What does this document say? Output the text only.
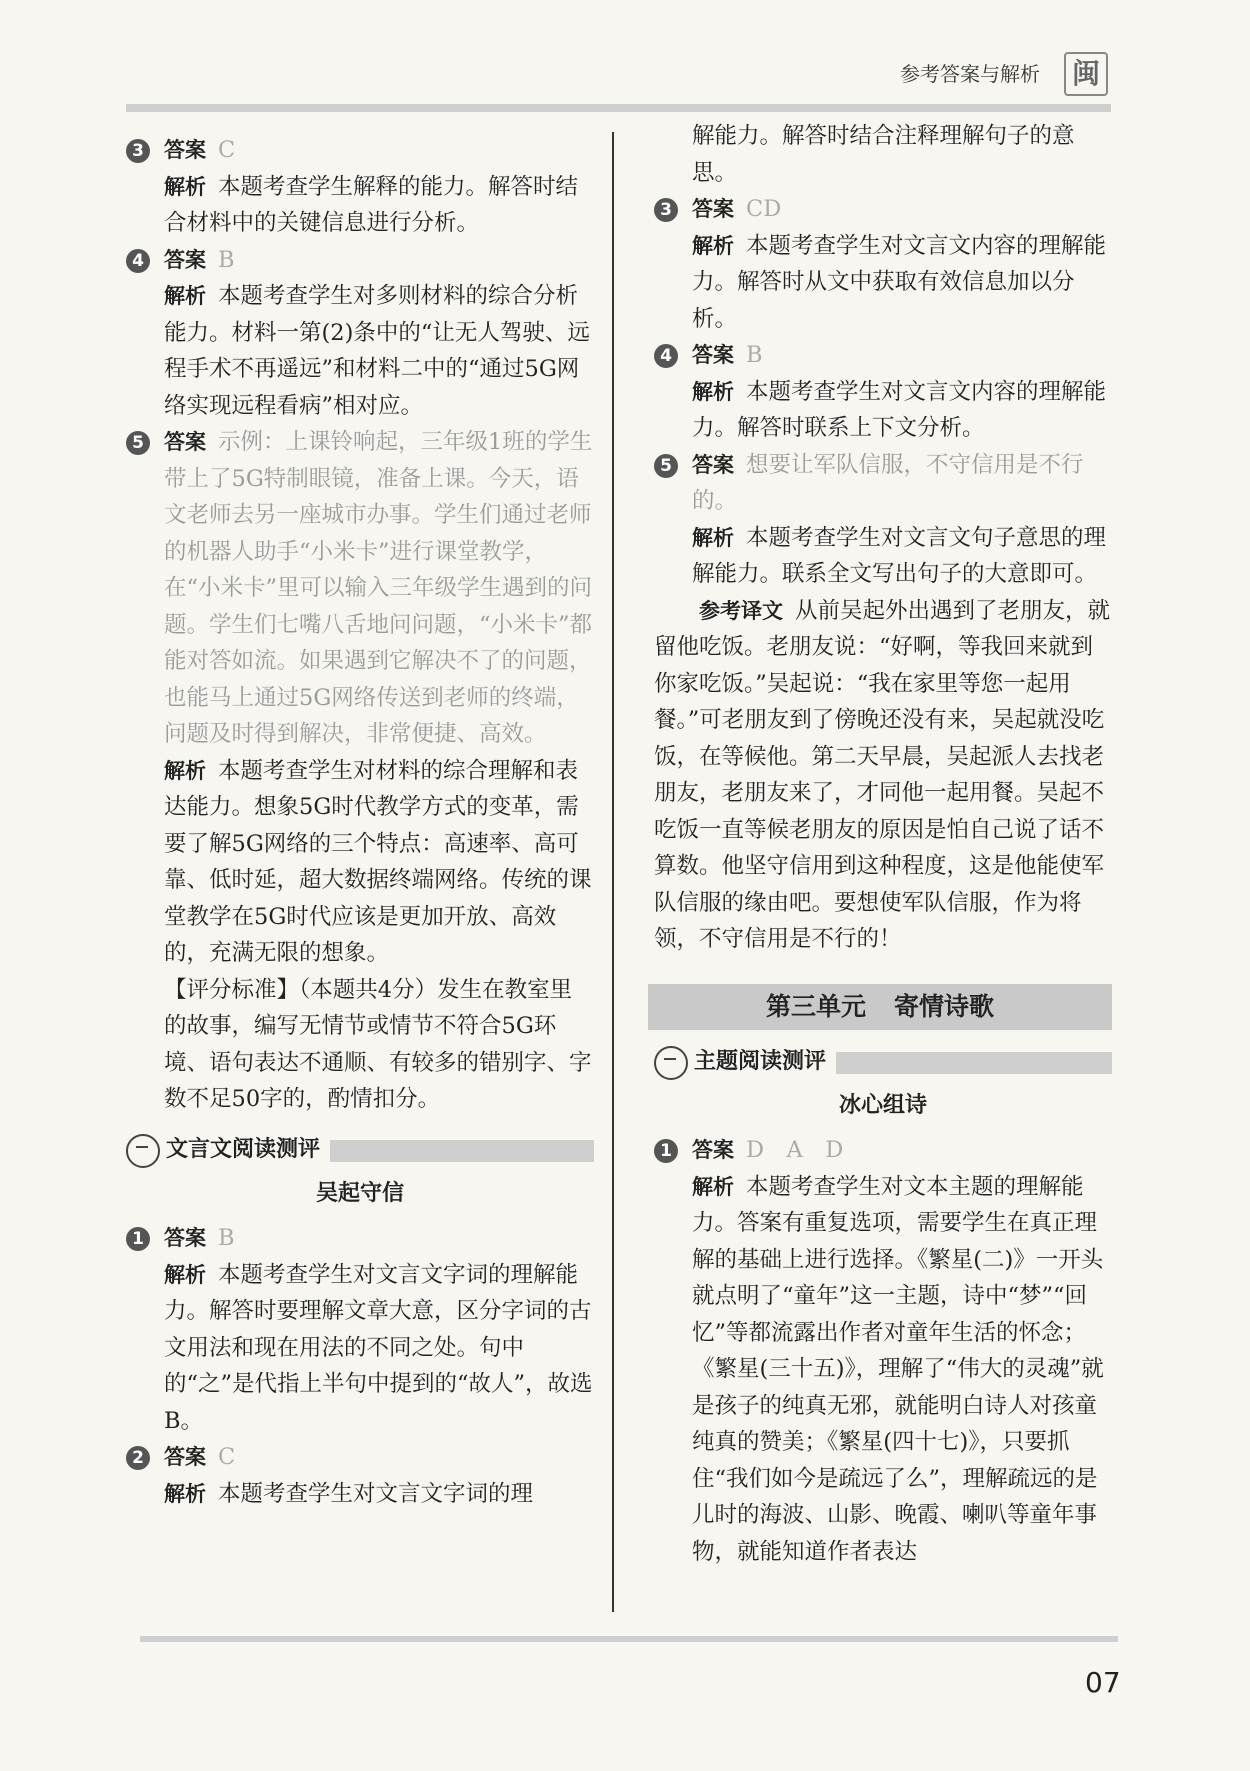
参考答案与解析 闽
3 答案 C

解析 本题考查学生解释的能力。解答时结合材料中的关键信息进行分析。

4 答案 B

解析 本题考查学生对多则材料的综合分析能力。材料一第(2)条中的“让无人驾驶、远程手术不再遥远”和材料二中的“通过5G网络实现远程看病”相对应。

5 答案 示例：上课铃响起，三年级1班的学生带上了5G特制眼镜，准备上课。今天，语文老师去另一座城市办事。学生们通过老师的机器人助手“小米卡”进行课堂教学，在“小米卡”里可以输入三年级学生遇到的问题。学生们七嘴八舌地问问题，“小米卡”都能对答如流。如果遇到它解决不了的问题，也能马上通过5G网络传送到老师的终端，问题及时得到解决，非常便捷、高效。

解析 本题考查学生对材料的综合理解和表达能力。想象5G时代教学方式的变革，需要了解5G网络的三个特点：高速率、高可靠、低时延，超大数据终端网络。传统的课堂教学在5G时代应该是更加开放、高效的，充满无限的想象。

【评分标准】（本题共4分）发生在教室里的故事，编写无情节或情节不符合5G环境、语句表达不通顺、有较多的错别字、字数不足50字的，酌情扣分。

文言文阅读测评
吴起守信
1 答案 B

解析 本题考查学生对文言文字词的理解能力。解答时要理解文章大意，区分字词的古文用法和现在用法的不同之处。句中的“之”是代指上半句中提到的“故人”，故选B。

2 答案 C

解析 本题考查学生对文言文字词的理

解能力。解答时结合注释理解句子的意思。

3 答案 CD

解析 本题考查学生对文言文内容的理解能力。解答时从文中获取有效信息加以分析。

4 答案 B

解析 本题考查学生对文言文内容的理解能力。解答时联系上下文分析。

5 答案 想要让军队信服，不守信用是不行的。

解析 本题考查学生对文言文句子意思的理解能力。联系全文写出句子的大意即可。

参考译文 从前吴起外出遇到了老朋友，就留他吃饭。老朋友说：“好啊，等我回来就到你家吃饭。”吴起说：“我在家里等您一起用餐。”可老朋友到了傍晚还没有来，吴起就没吃饭，在等候他。第二天早晨，吴起派人去找老朋友，老朋友来了，才同他一起用餐。吴起不吃饭一直等候老朋友的原因是怕自己说了话不算数。他坚守信用到这种程度，这是他能使军队信服的缘由吧。要想使军队信服，作为将领，不守信用是不行的！

第三单元 寄情诗歌
主题阅读测评
冰心组诗
1 答案 D　A　D

解析 本题考查学生对文本主题的理解能力。答案有重复选项，需要学生在真正理解的基础上进行选择。《繁星(二)》一开头就点明了“童年”这一主题，诗中“梦”“回忆”等都流露出作者对童年生活的怀念；《繁星(三十五)》，理解了“伟大的灵魂”就是孩子的纯真无邪，就能明白诗人对孩童纯真的赞美；《繁星(四十七)》，只要抓住“我们如今是疏远了么”，理解疏远的是儿时的海波、山影、晚霞、喇叭等童年事物，就能知道作者表达

07
